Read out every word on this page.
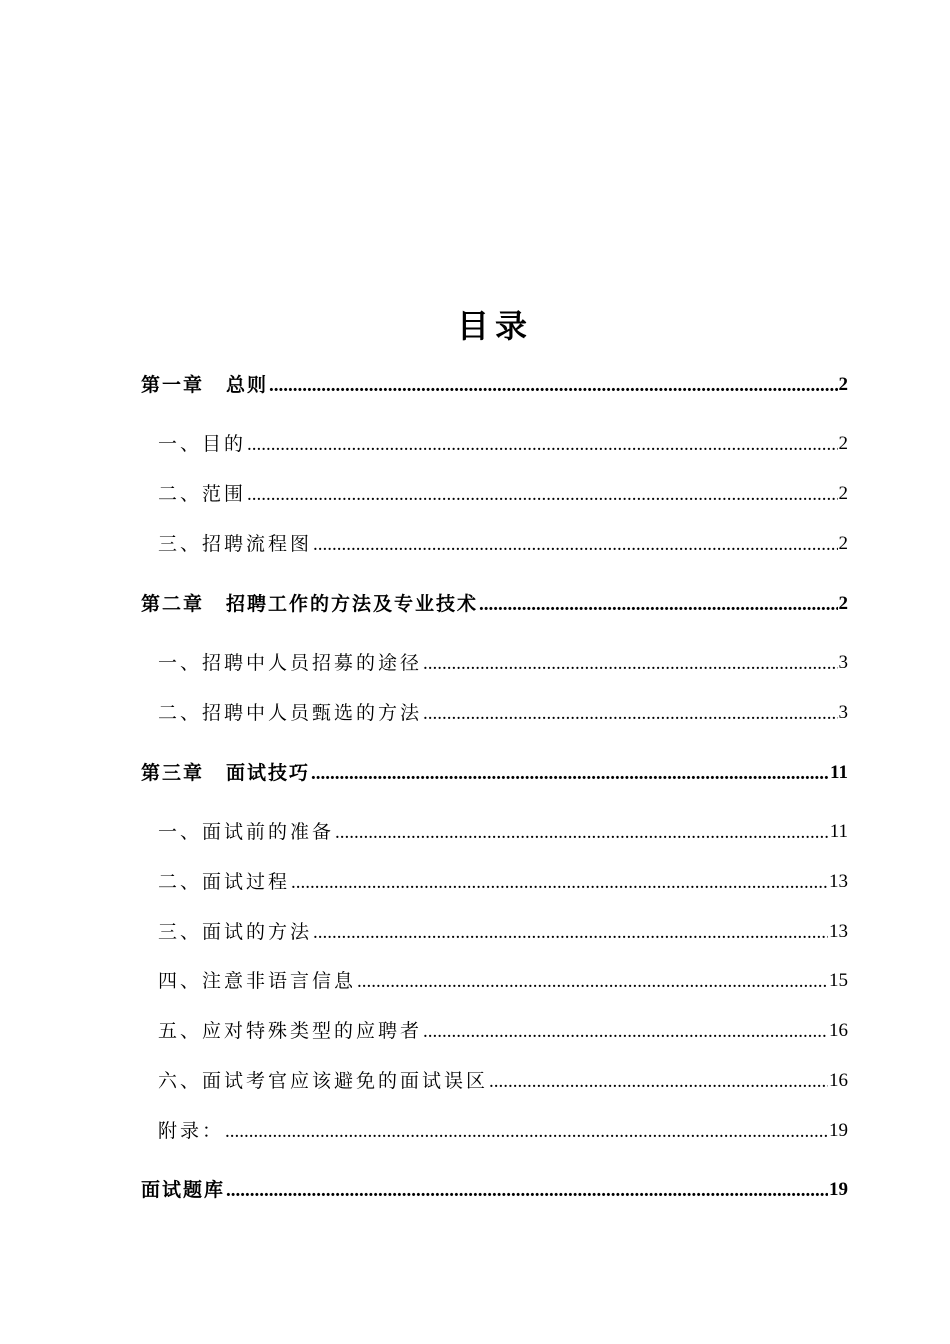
目录
第一章 总则 .....	2
一、目的 .....	2
二、范围 .....	2
三、招聘流程图 .....	2
第二章 招聘工作的方法及专业技术 .....	2
一、招聘中人员招募的途径 .....	3
二、招聘中人员甄选的方法 .....	3
第三章 面试技巧 .....	11
一、面试前的准备 .....	11
二、面试过程 .....	13
三、面试的方法 .....	13
四、注意非语言信息 .....	15
五、应对特殊类型的应聘者 .....	16
六、面试考官应该避免的面试误区 .....	16
附录： .....	19
面试题库 .....	19
